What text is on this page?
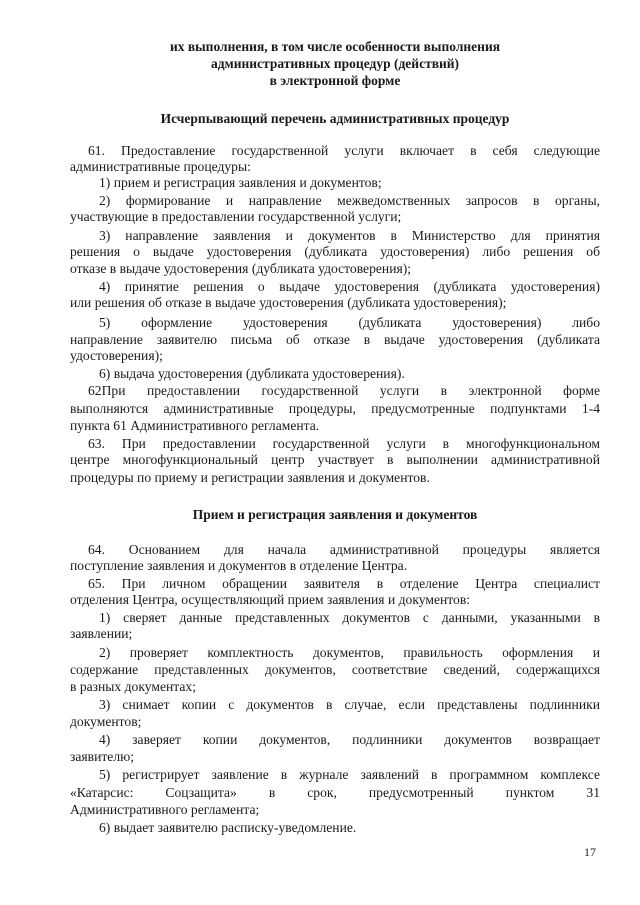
их выполнения, в том числе особенности выполнения
административных процедур (действий)
в электронной форме
Исчерпывающий перечень административных процедур

61. Предоставление государственной услуги включает в себя следующие

административные процедуры:

1) прием и регистрация заявления и документов;

2) формирование и направление межведомственных запросов в органы,

участвующие в предоставлении государственной услуги;

3) направление заявления и документов в Министерство для принятия

решения о выдаче удостоверения (дубликата удостоверения) либо решения об

отказе в выдаче удостоверения (дубликата удостоверения);

4) принятие решения о выдаче удостоверения (дубликата удостоверения)

или решения об отказе в выдаче удостоверения (дубликата удостоверения);

5) оформление удостоверения (дубликата удостоверения) либо

направление заявителю письма об отказе в выдаче удостоверения (дубликата

удостоверения);

6) выдача удостоверения (дубликата удостоверения).

62При предоставлении государственной услуги в электронной форме

выполняются административные процедуры, предусмотренные подпунктами 1-4

пункта 61 Административного регламента.

63. При предоставлении государственной услуги в многофункциональном

центре многофункциональный центр участвует в выполнении административной

процедуры по приему и регистрации заявления и документов.

Прием и регистрация заявления и документов

64. Основанием для начала административной процедуры является

поступление заявления и документов в отделение Центра.

65. При личном обращении заявителя в отделение Центра специалист

отделения Центра, осуществляющий прием заявления и документов:

1) сверяет данные представленных документов с данными, указанными в

заявлении;

2) проверяет комплектность документов, правильность оформления и

содержание представленных документов, соответствие сведений, содержащихся

в разных документах;

3) снимает копии с документов в случае, если представлены подлинники

документов;

4) заверяет копии документов, подлинники документов возвращает

заявителю;

5) регистрирует заявление в журнале заявлений в программном комплексе

«Катарсис: Соцзащита» в срок, предусмотренный пунктом 31

Административного регламента;

6) выдает заявителю расписку-уведомление.

17
